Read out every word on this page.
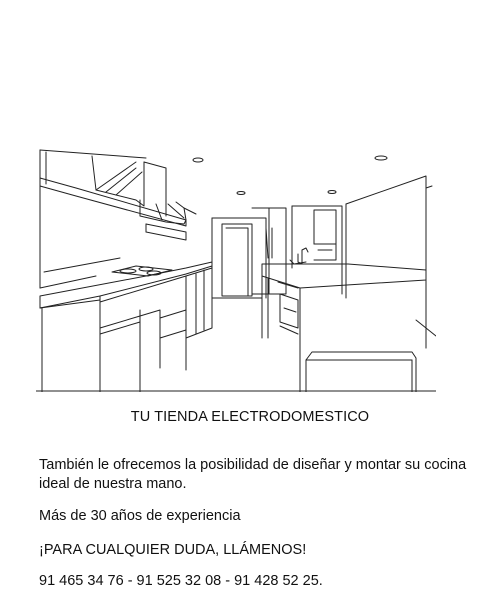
TU TIENDA ELECTRODOMESTICO
También le ofrecemos la posibilidad de diseñar y montar su cocina ideal de nuestra mano.
Más de 30 años de experiencia
¡PARA CUALQUIER DUDA, LLÁMENOS!
91 465 34 76 - 91 525 32 08 - 91 428 52 25.
